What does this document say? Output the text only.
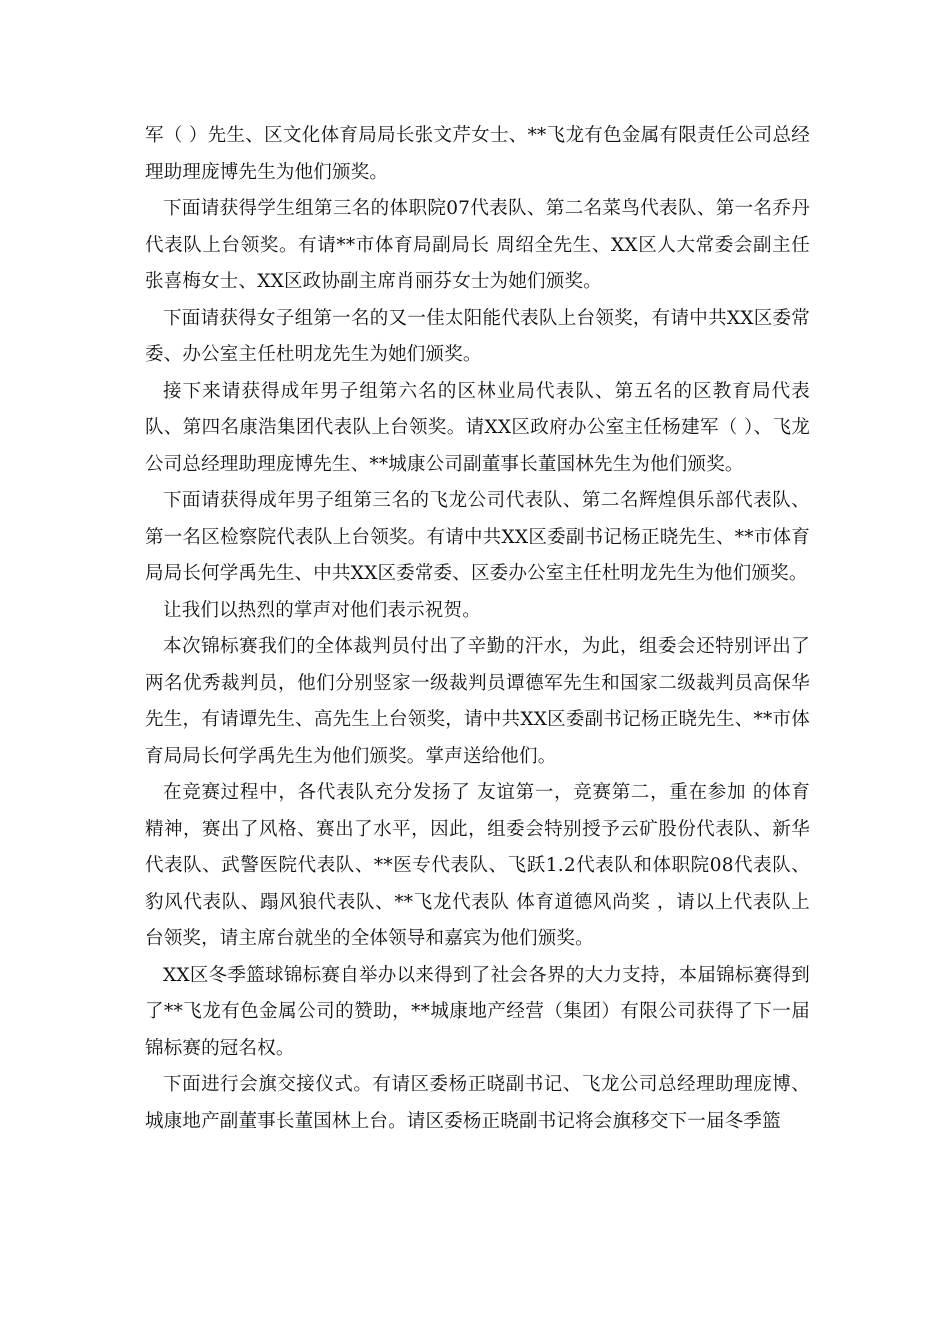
军（ ）先生、区文化体育局局长张文芹女士、**飞龙有色金属有限责任公司总经理助理庞博先生为他们颁奖。

下面请获得学生组第三名的体职院07代表队、第二名菜鸟代表队、第一名乔丹代表队上台领奖。有请**市体育局副局长 周绍全先生、XX区人大常委会副主任张喜梅女士、XX区政协副主席肖丽芬女士为她们颁奖。

下面请获得女子组第一名的又一佳太阳能代表队上台领奖，有请中共XX区委常委、办公室主任杜明龙先生为她们颁奖。

接下来请获得成年男子组第六名的区林业局代表队、第五名的区教育局代表队、第四名康浩集团代表队上台领奖。请XX区政府办公室主任杨建军（ ）、飞龙公司总经理助理庞博先生、**城康公司副董事长董国林先生为他们颁奖。

下面请获得成年男子组第三名的飞龙公司代表队、第二名辉煌俱乐部代表队、第一名区检察院代表队上台领奖。有请中共XX区委副书记杨正晓先生、**市体育局局长何学禹先生、中共XX区委常委、区委办公室主任杜明龙先生为他们颁奖。

让我们以热烈的掌声对他们表示祝贺。

本次锦标赛我们的全体裁判员付出了辛勤的汗水，为此，组委会还特别评出了两名优秀裁判员，他们分别竖家一级裁判员谭德军先生和国家二级裁判员高保华先生，有请谭先生、高先生上台领奖，请中共XX区委副书记杨正晓先生、**市体育局局长何学禹先生为他们颁奖。掌声送给他们。

在竞赛过程中，各代表队充分发扬了 友谊第一，竞赛第二，重在参加 的体育精神，赛出了风格、赛出了水平，因此，组委会特别授予云矿股份代表队、新华代表队、武警医院代表队、**医专代表队、飞跃1.2代表队和体职院08代表队、豹风代表队、蹋风狼代表队、**飞龙代表队 体育道德风尚奖 ，请以上代表队上台领奖，请主席台就坐的全体领导和嘉宾为他们颁奖。

XX区冬季篮球锦标赛自举办以来得到了社会各界的大力支持，本届锦标赛得到了**飞龙有色金属公司的赞助，**城康地产经营（集团）有限公司获得了下一届锦标赛的冠名权。

下面进行会旗交接仪式。有请区委杨正晓副书记、飞龙公司总经理助理庞博、城康地产副董事长董国林上台。请区委杨正晓副书记将会旗移交下一届冬季篮
